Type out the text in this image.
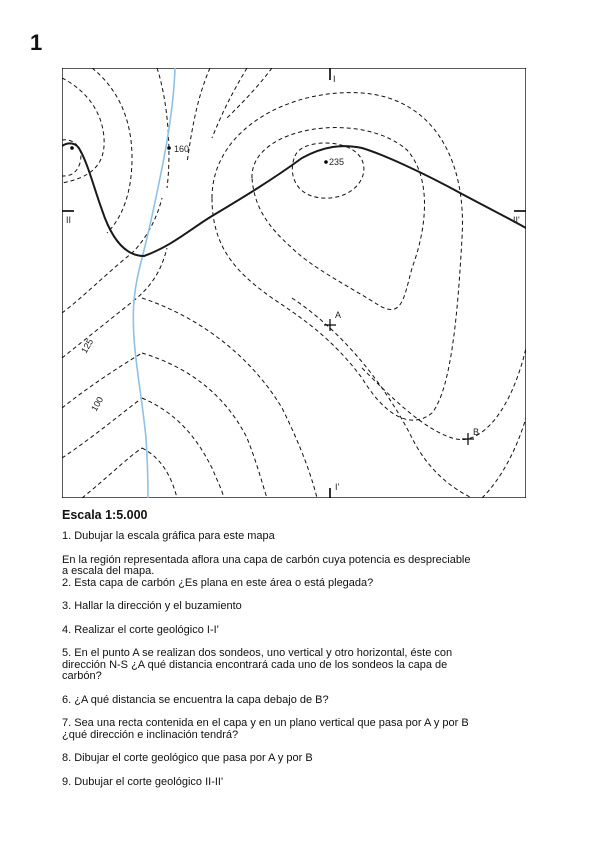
1
I
I'
II	II'
160
235
125
100
A
B
Escala 1:5.000

1. Dubujar la escala gráfica para este mapa

En la región representada aflora una capa de carbón cuya potencia es despreciable
a escala del mapa.

2. Esta capa de carbón ¿Es plana en este área o está plegada?

3. Hallar la dirección y el buzamiento

4. Realizar el corte geológico I-I'

5. En el punto A se realizan dos sondeos, uno vertical y otro horizontal, éste con
dirección N-S ¿A qué distancia encontrará cada uno de los sondeos la capa de
carbón?

6. ¿A qué distancia se encuentra la capa debajo de B?

7. Sea una recta contenida en el capa y en un plano vertical que pasa por A y por B
¿qué dirección e inclinación tendrá?

8. Dibujar el corte geológico que pasa por A y por B

9. Dubujar el corte geológico II-II'
